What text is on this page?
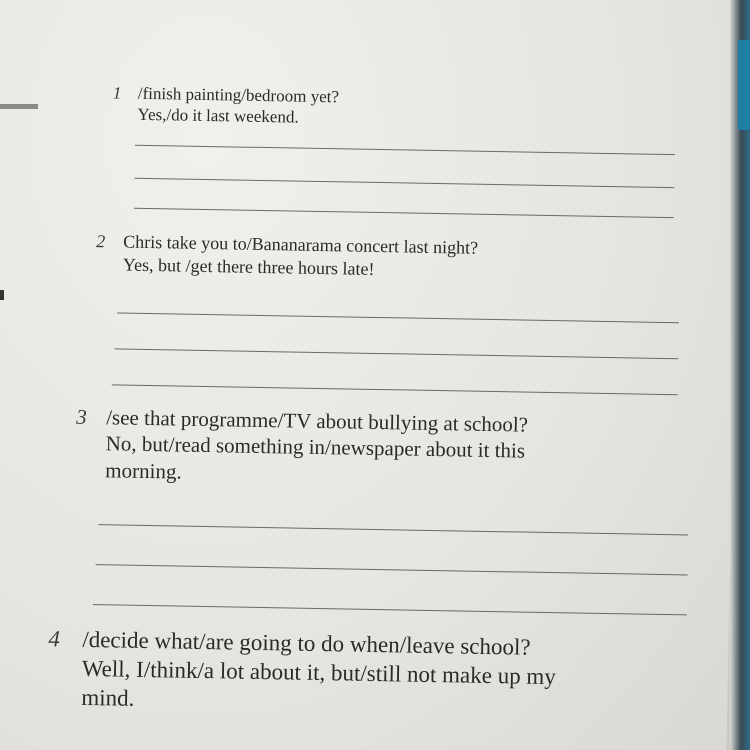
1 /finish painting/bedroom yet?
Yes,/do it last weekend.
2 Chris take you to/Bananarama concert last night?
Yes, but /get there three hours late!
3 /see that programme/TV about bullying at school?
No, but/read something in/newspaper about it this
morning.
4 /decide what/are going to do when/leave school?
Well, I/think/a lot about it, but/still not make up my
mind.
